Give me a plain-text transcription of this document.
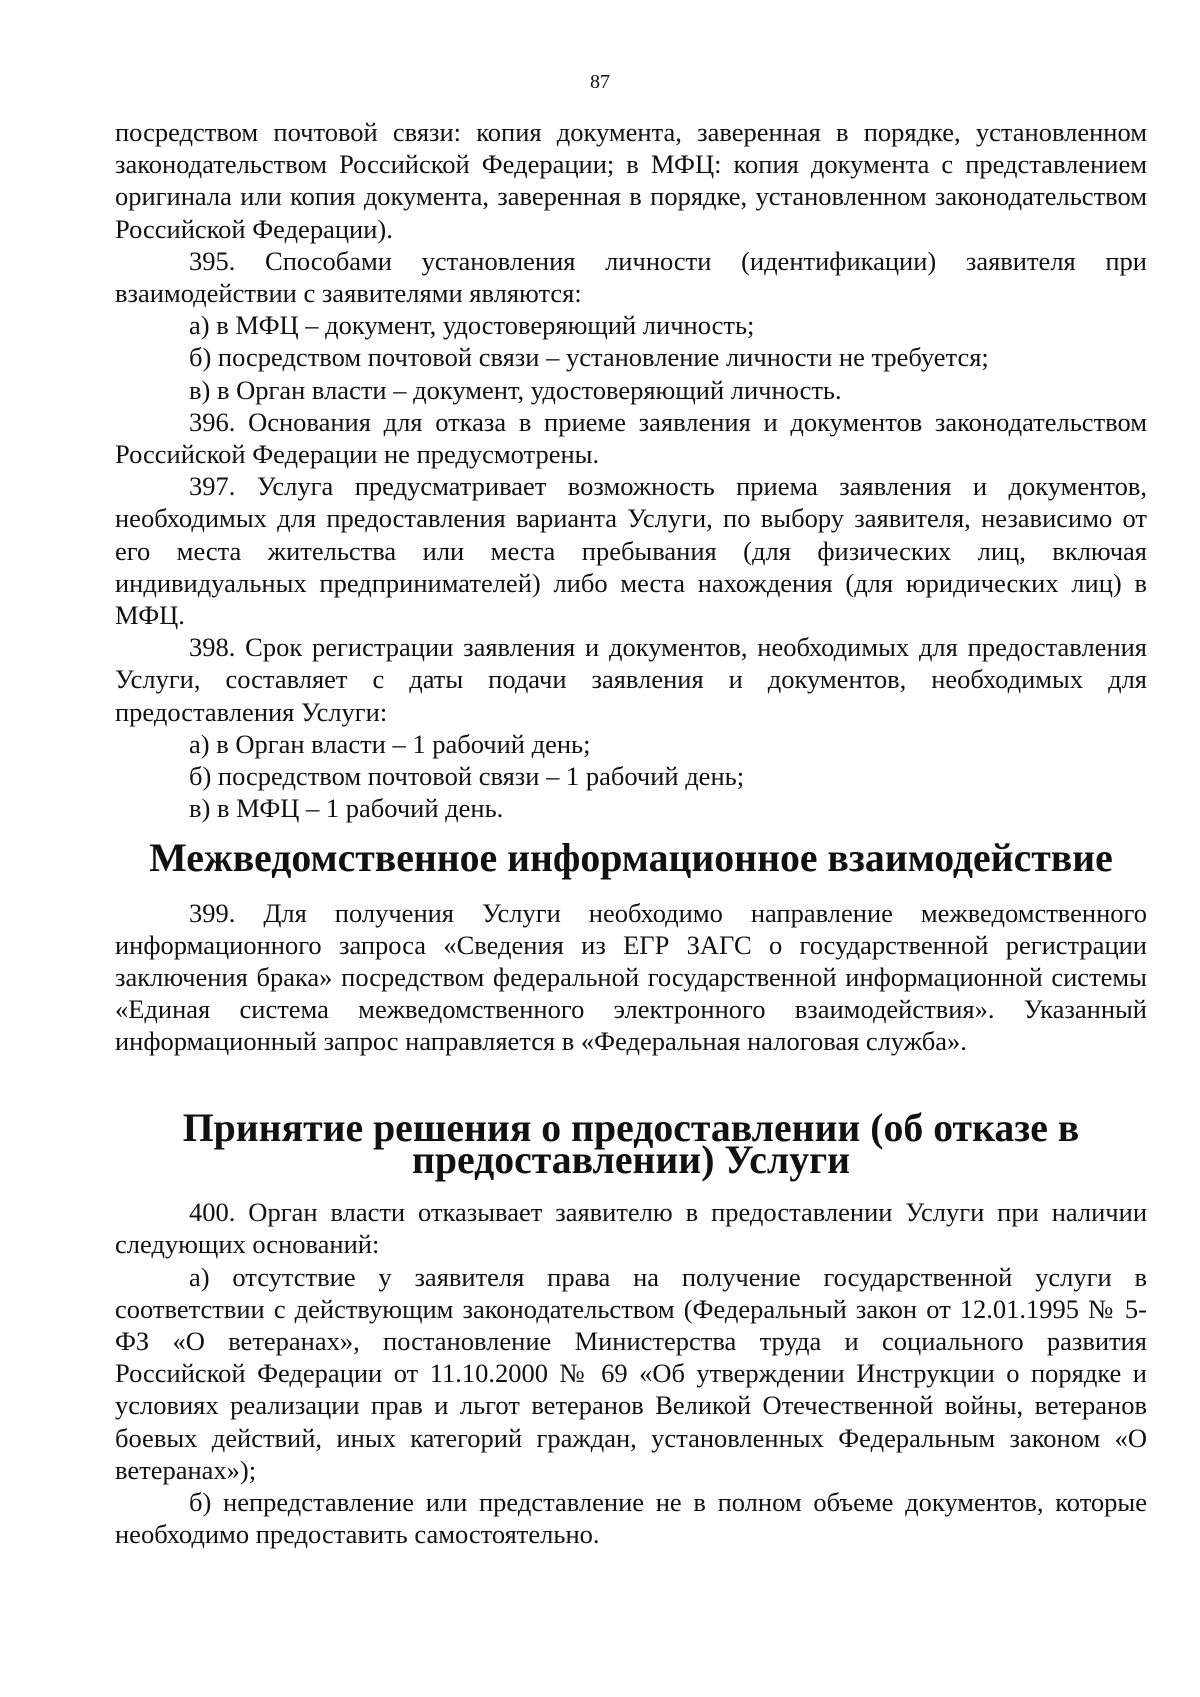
87

посредством почтовой связи: копия документа, заверенная в порядке, установленном законодательством Российской Федерации; в МФЦ: копия документа с представлением оригинала или копия документа, заверенная в порядке, установленном законодательством Российской Федерации).

395. Способами установления личности (идентификации) заявителя при взаимодействии с заявителями являются:

а) в МФЦ – документ, удостоверяющий личность;

б) посредством почтовой связи – установление личности не требуется;

в) в Орган власти – документ, удостоверяющий личность.

396. Основания для отказа в приеме заявления и документов законодательством Российской Федерации не предусмотрены.

397. Услуга предусматривает возможность приема заявления и документов, необходимых для предоставления варианта Услуги, по выбору заявителя, независимо от его места жительства или места пребывания (для физических лиц, включая индивидуальных предпринимателей) либо места нахождения (для юридических лиц) в МФЦ.

398. Срок регистрации заявления и документов, необходимых для предоставления Услуги, составляет с даты подачи заявления и документов, необходимых для предоставления Услуги:

а) в Орган власти – 1 рабочий день;

б) посредством почтовой связи – 1 рабочий день;

в) в МФЦ – 1 рабочий день.

Межведомственное информационное взаимодействие

399. Для получения Услуги необходимо направление межведомственного информационного запроса «Сведения из ЕГР ЗАГС о государственной регистрации заключения брака» посредством федеральной государственной информационной системы «Единая система межведомственного электронного взаимодействия». Указанный информационный запрос направляется в «Федеральная налоговая служба».

Принятие решения о предоставлении (об отказе в предоставлении) Услуги

400. Орган власти отказывает заявителю в предоставлении Услуги при наличии следующих оснований:

а) отсутствие у заявителя права на получение государственной услуги в соответствии с действующим законодательством (Федеральный закон от 12.01.1995 № 5-ФЗ «О ветеранах», постановление Министерства труда и социального развития Российской Федерации от 11.10.2000 № 69 «Об утверждении Инструкции о порядке и условиях реализации прав и льгот ветеранов Великой Отечественной войны, ветеранов боевых действий, иных категорий граждан, установленных Федеральным законом «О ветеранах»);

б) непредставление или представление не в полном объеме документов, которые необходимо предоставить самостоятельно.
